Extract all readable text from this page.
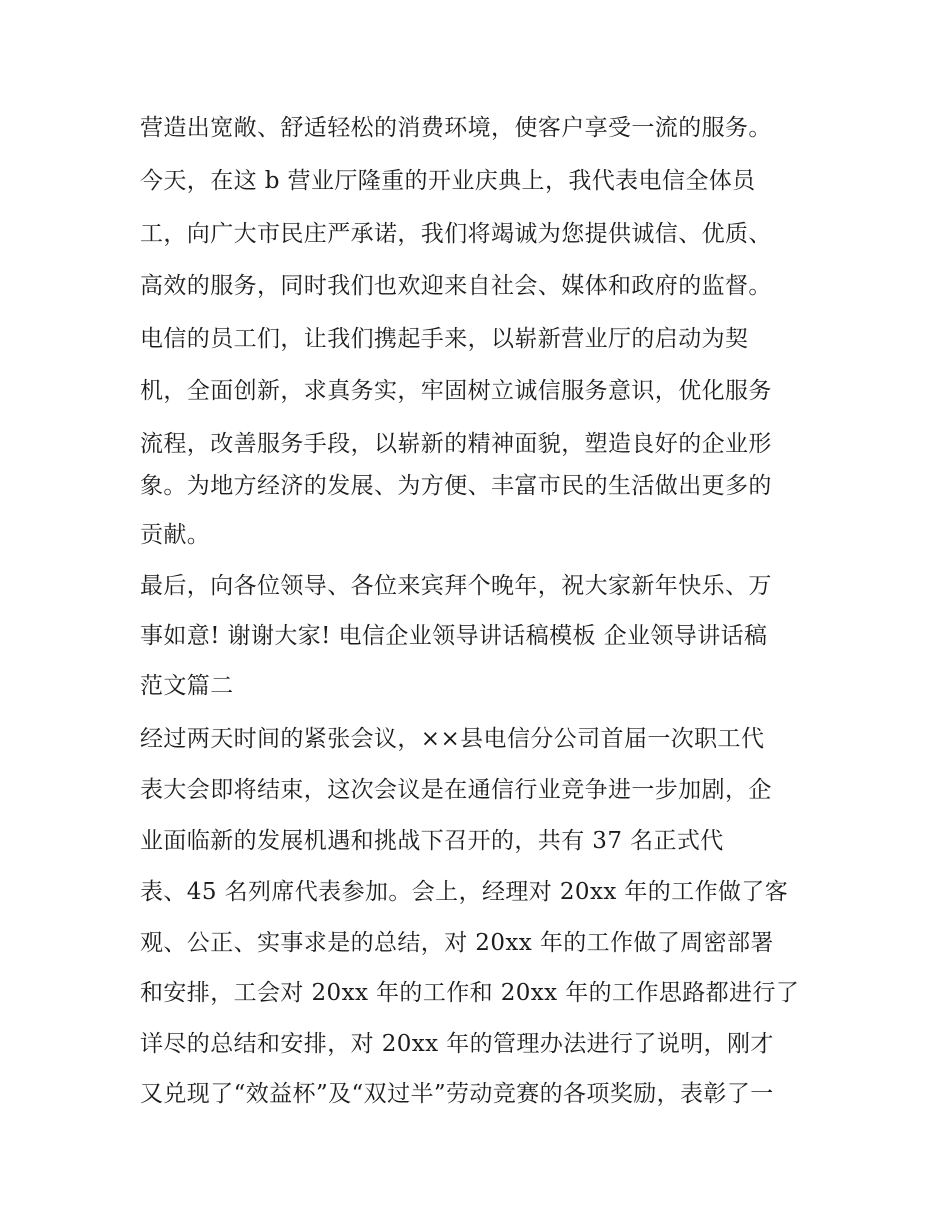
营造出宽敞、舒适轻松的消费环境，使客户享受一流的服务。
今天，在这 b 营业厅隆重的开业庆典上，我代表电信全体员
工，向广大市民庄严承诺，我们将竭诚为您提供诚信、优质、
高效的服务，同时我们也欢迎来自社会、媒体和政府的监督。
电信的员工们，让我们携起手来，以崭新营业厅的启动为契
机，全面创新，求真务实，牢固树立诚信服务意识，优化服务
流程，改善服务手段，以崭新的精神面貌，塑造良好的企业形
象。为地方经济的发展、为方便、丰富市民的生活做出更多的
贡献。
最后，向各位领导、各位来宾拜个晚年，祝大家新年快乐、万
事如意! 谢谢大家! 电信企业领导讲话稿模板 企业领导讲话稿
范文篇二
经过两天时间的紧张会议，××县电信分公司首届一次职工代
表大会即将结束，这次会议是在通信行业竞争进一步加剧，企
业面临新的发展机遇和挑战下召开的，共有 37 名正式代
表、45 名列席代表参加。会上，经理对 20xx 年的工作做了客
观、公正、实事求是的总结，对 20xx 年的工作做了周密部署
和安排，工会对 20xx 年的工作和 20xx 年的工作思路都进行了
详尽的总结和安排，对 20xx 年的管理办法进行了说明，刚才
又兑现了“效益杯”及“双过半”劳动竞赛的各项奖励，表彰了一
